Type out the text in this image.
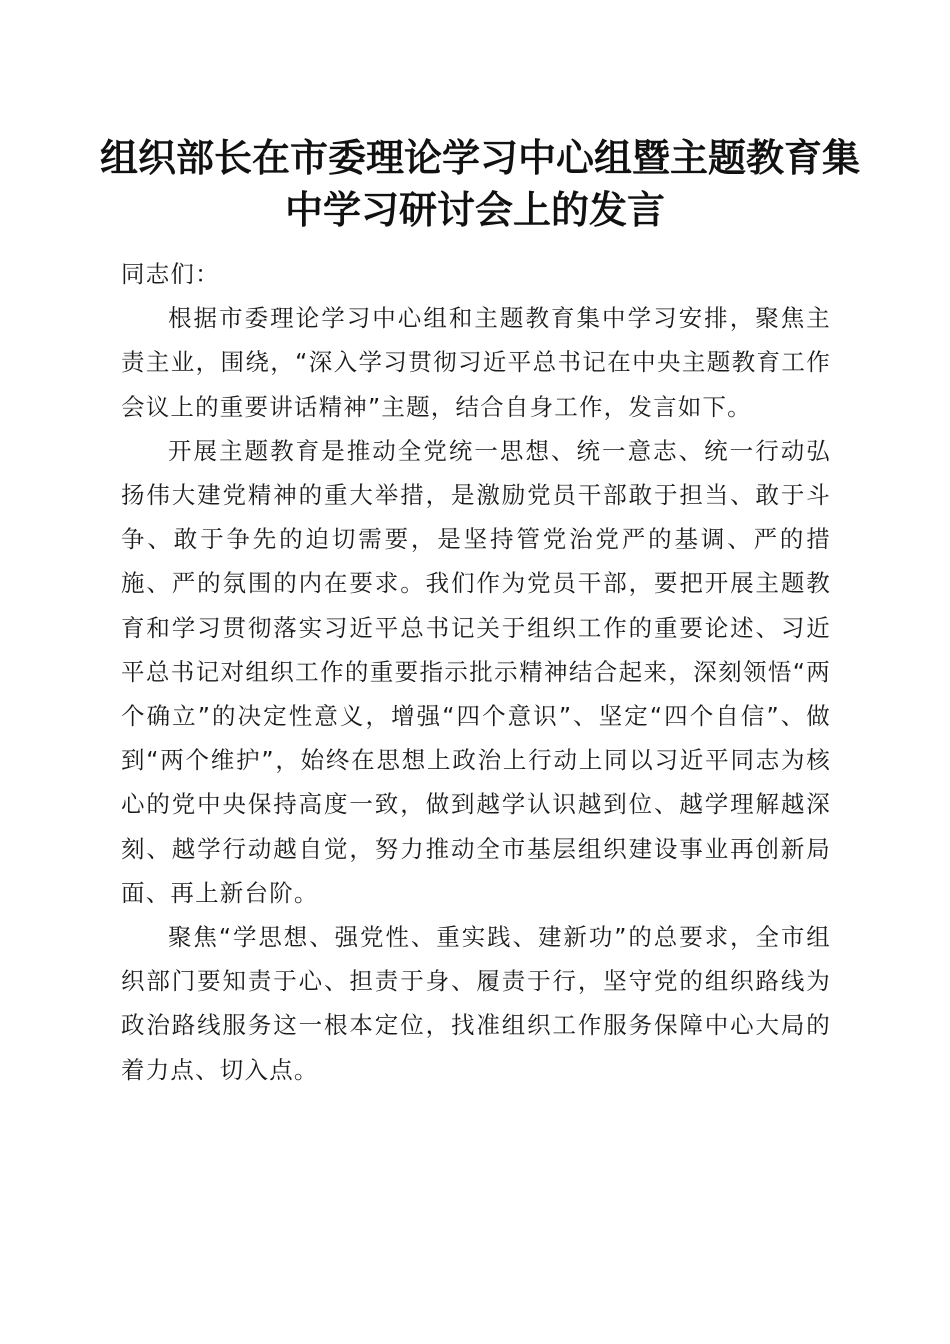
组织部长在市委理论学习中心组暨主题教育集
中学习研讨会上的发言

同志们：

根据市委理论学习中心组和主题教育集中学习安排，聚焦主责主业，围绕，“深入学习贯彻习近平总书记在中央主题教育工作会议上的重要讲话精神”主题，结合自身工作，发言如下。

开展主题教育是推动全党统一思想、统一意志、统一行动弘扬伟大建党精神的重大举措，是激励党员干部敢于担当、敢于斗争、敢于争先的迫切需要，是坚持管党治党严的基调、严的措施、严的氛围的内在要求。我们作为党员干部，要把开展主题教育和学习贯彻落实习近平总书记关于组织工作的重要论述、习近平总书记对组织工作的重要指示批示精神结合起来，深刻领悟“两个确立”的决定性意义，增强“四个意识”、坚定“四个自信”、做到“两个维护”，始终在思想上政治上行动上同以习近平同志为核心的党中央保持高度一致，做到越学认识越到位、越学理解越深刻、越学行动越自觉，努力推动全市基层组织建设事业再创新局面、再上新台阶。

聚焦“学思想、强党性、重实践、建新功”的总要求，全市组织部门要知责于心、担责于身、履责于行，坚守党的组织路线为政治路线服务这一根本定位，找准组织工作服务保障中心大局的着力点、切入点。
